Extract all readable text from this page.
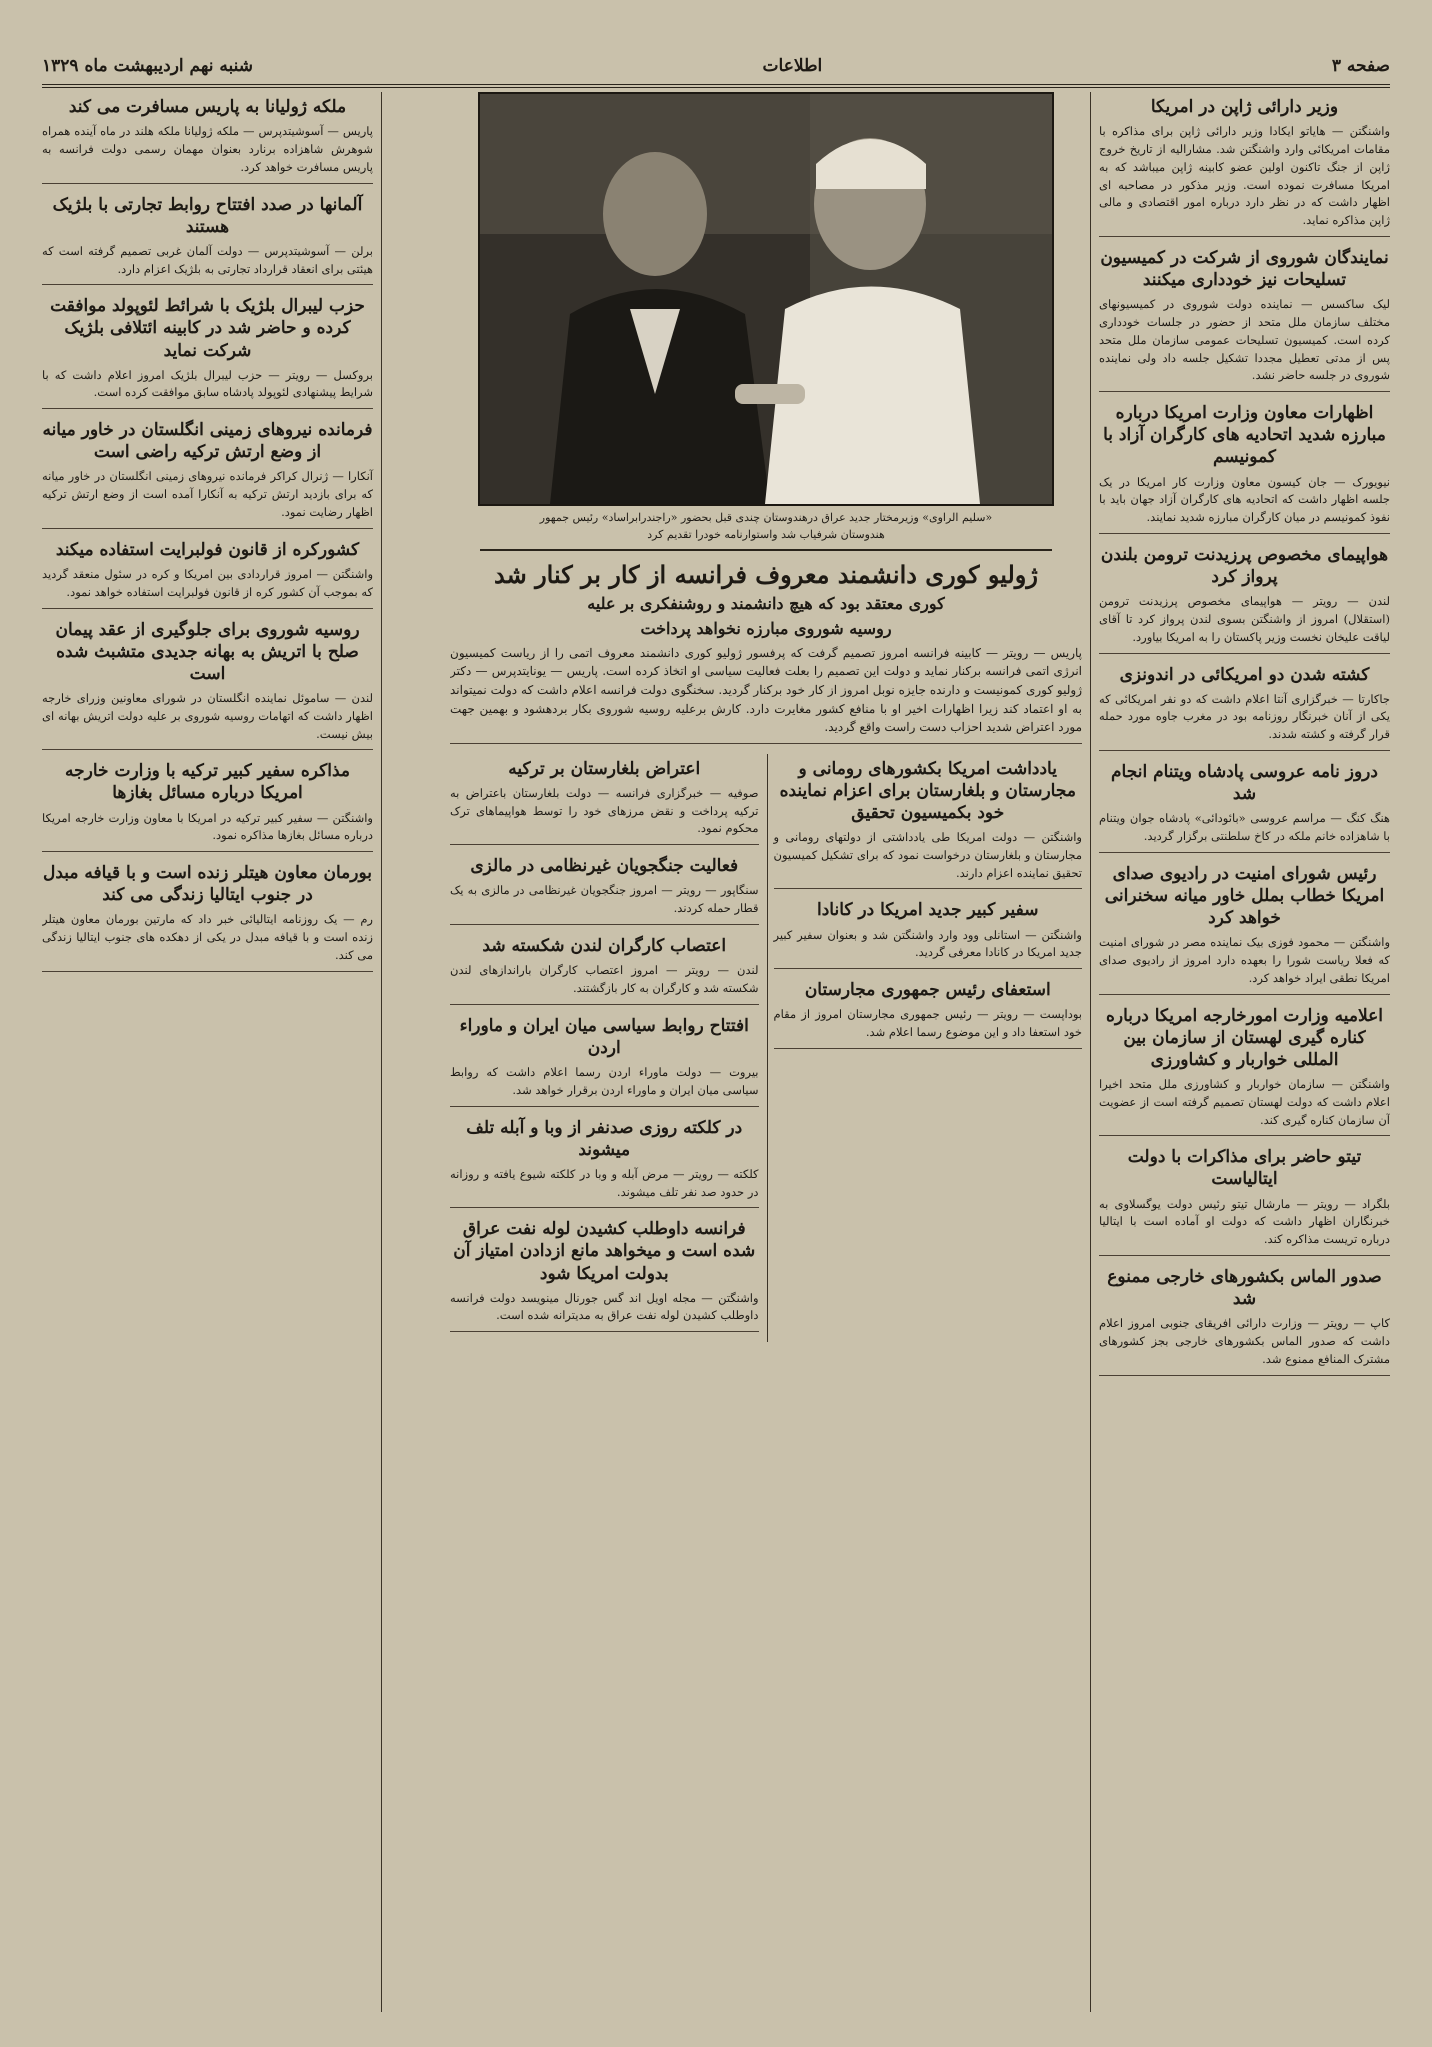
صفحه ۳
اطلاعات
شنبه نهم اردیبهشت ماه ۱۳۲۹
وزیر دارائی ژاپن در امریکا

واشنگتن — هایاتو ایکادا وزیر دارائی ژاپن برای مذاکره با مقامات امریکائی وارد واشنگتن شد. مشارالیه از تاریخ خروج ژاپن از جنگ تاکنون اولین عضو کابینه ژاپن میباشد که به امریکا مسافرت نموده است. وزیر مذکور در مصاحبه ای اظهار داشت که در نظر دارد درباره امور اقتصادی و مالی ژاپن مذاکره نماید.

نمایندگان شوروی از شرکت در کمیسیون تسلیحات نیز خودداری میکنند

لیک ساکسس — نماینده دولت شوروی در کمیسیونهای مختلف سازمان ملل متحد از حضور در جلسات خودداری کرده است. کمیسیون تسلیحات عمومی سازمان ملل متحد پس از مدتی تعطیل مجددا تشکیل جلسه داد ولی نماینده شوروی در جلسه حاضر نشد.

اظهارات معاون وزارت امریکا درباره مبارزه شدید اتحادیه های کارگران آزاد با کمونیسم

نیویورک — جان کیسون معاون وزارت کار امریکا در یک جلسه اظهار داشت که اتحادیه های کارگران آزاد جهان باید با نفوذ کمونیسم در میان کارگران مبارزه شدید نمایند.

هواپیمای مخصوص پرزیدنت ترومن بلندن پرواز کرد

لندن — رویتر — هواپیمای مخصوص پرزیدنت ترومن (استقلال) امروز از واشنگتن بسوی لندن پرواز کرد تا آقای لیاقت علیخان نخست وزیر پاکستان را به امریکا بیاورد.

کشته شدن دو امریکائی در اندونزی

جاکارتا — خبرگزاری آنتا اعلام داشت که دو نفر امریکائی که یکی از آنان خبرنگار روزنامه بود در مغرب جاوه مورد حمله قرار گرفته و کشته شدند.

دروز نامه عروسی پادشاه ویتنام انجام شد

هنگ کنگ — مراسم عروسی «بائودائی» پادشاه جوان ویتنام با شاهزاده خانم ملکه در کاخ سلطنتی برگزار گردید.

رئیس شورای امنیت در رادیوی صدای امریکا خطاب بملل خاور میانه سخنرانی خواهد کرد

واشنگتن — محمود فوزی بیک نماینده مصر در شورای امنیت که فعلا ریاست شورا را بعهده دارد امروز از رادیوی صدای امریکا نطقی ایراد خواهد کرد.

اعلامیه وزارت امورخارجه امریکا درباره کناره گیری لهستان از سازمان بین المللی خواربار و کشاورزی

واشنگتن — سازمان خواربار و کشاورزی ملل متحد اخیرا اعلام داشت که دولت لهستان تصمیم گرفته است از عضویت آن سازمان کناره گیری کند.

تیتو حاضر برای مذاکرات با دولت ایتالیاست

بلگراد — رویتر — مارشال تیتو رئیس دولت یوگسلاوی به خبرنگاران اظهار داشت که دولت او آماده است با ایتالیا درباره تریست مذاکره کند.

صدور الماس بکشورهای خارجی ممنوع شد

کاپ — رویتر — وزارت دارائی افریقای جنوبی امروز اعلام داشت که صدور الماس بکشورهای خارجی بجز کشورهای مشترک المنافع ممنوع شد.

«سلیم الراوی» وزیرمختار جدید عراق درهندوستان چندی قبل بحضور «راجندرابراساد» رئیس جمهور
هندوستان شرفیاب شد واستوارنامه خودرا تقدیم کرد
ژولیو کوری دانشمند معروف فرانسه از کار بر کنار شد
کوری معتقد بود که هیچ دانشمند و روشنفکری بر علیه
روسیه شوروی مبارزه نخواهد پرداخت

پاریس — رویتر — کابینه فرانسه امروز تصمیم گرفت که پرفسور ژولیو کوری دانشمند معروف اتمی را از ریاست کمیسیون انرژی اتمی فرانسه برکنار نماید و دولت این تصمیم را بعلت فعالیت سیاسی او اتخاذ کرده است. پاریس — یونایتدپرس — دکتر ژولیو کوری کمونیست و دارنده جایزه نوبل امروز از کار خود برکنار گردید. سخنگوی دولت فرانسه اعلام داشت که دولت نمیتواند به او اعتماد کند زیرا اظهارات اخیر او با منافع کشور مغایرت دارد. کارش برعلیه روسیه شوروی بکار بردهشود و بهمین جهت مورد اعتراض شدید احزاب دست راست واقع گردید.

یادداشت امریکا بکشورهای رومانی و مجارستان و بلغارستان برای اعزام نماینده خود بکمیسیون تحقیق

واشنگتن — دولت امریکا طی یادداشتی از دولتهای رومانی و مجارستان و بلغارستان درخواست نمود که برای تشکیل کمیسیون تحقیق نماینده اعزام دارند.

سفیر کبیر جدید امریکا در کانادا

واشنگتن — استانلی وود وارد واشنگتن شد و بعنوان سفیر کبیر جدید امریکا در کانادا معرفی گردید.

استعفای رئیس جمهوری مجارستان

بوداپست — رویتر — رئیس جمهوری مجارستان امروز از مقام خود استعفا داد و این موضوع رسما اعلام شد.

اعتراض بلغارستان بر ترکیه

صوفیه — خبرگزاری فرانسه — دولت بلغارستان باعتراض به ترکیه پرداخت و نقض مرزهای خود را توسط هواپیماهای ترک محکوم نمود.

فعالیت جنگجویان غیرنظامی در مالزی

سنگاپور — رویتر — امروز جنگجویان غیرنظامی در مالزی به یک قطار حمله کردند.

اعتصاب کارگران لندن شکسته شد

لندن — رویتر — امروز اعتصاب کارگران باراندازهای لندن شکسته شد و کارگران به کار بازگشتند.

افتتاح روابط سیاسی میان ایران و ماوراء اردن

بیروت — دولت ماوراء اردن رسما اعلام داشت که روابط سیاسی میان ایران و ماوراء اردن برقرار خواهد شد.

در کلکته روزی صدنفر از وبا و آبله تلف میشوند

کلکته — رویتر — مرض آبله و وبا در کلکته شیوع یافته و روزانه در حدود صد نفر تلف میشوند.

فرانسه داوطلب کشیدن لوله نفت عراق شده است و میخواهد مانع ازدادن امتیاز آن بدولت امریکا شود

واشنگتن — مجله اویل اند گس جورنال مینویسد دولت فرانسه داوطلب کشیدن لوله نفت عراق به مدیترانه شده است.

ملکه ژولیانا به پاریس مسافرت می کند

پاریس — آسوشیتدپرس — ملکه ژولیانا ملکه هلند در ماه آینده همراه شوهرش شاهزاده برنارد بعنوان مهمان رسمی دولت فرانسه به پاریس مسافرت خواهد کرد.

آلمانها در صدد افتتاح روابط تجارتی با بلژیک هستند

برلن — آسوشیتدپرس — دولت آلمان غربی تصمیم گرفته است که هیئتی برای انعقاد قرارداد تجارتی به بلژیک اعزام دارد.

حزب لیبرال بلژیک با شرائط لئوپولد موافقت کرده و حاضر شد در کابینه ائتلافی بلژیک شرکت نماید

بروکسل — رویتر — حزب لیبرال بلژیک امروز اعلام داشت که با شرایط پیشنهادی لئوپولد پادشاه سابق موافقت کرده است.

فرمانده نیروهای زمینی انگلستان در خاور میانه از وضع ارتش ترکیه راضی است

آنکارا — ژنرال کراکر فرمانده نیروهای زمینی انگلستان در خاور میانه که برای بازدید ارتش ترکیه به آنکارا آمده است از وضع ارتش ترکیه اظهار رضایت نمود.

کشورکره از قانون فولبرایت استفاده میکند

واشنگتن — امروز قراردادی بین امریکا و کره در سئول منعقد گردید که بموجب آن کشور کره از قانون فولبرایت استفاده خواهد نمود.

روسیه شوروی برای جلوگیری از عقد پیمان صلح با اتریش به بهانه جدیدی متشبث شده است

لندن — ساموئل نماینده انگلستان در شورای معاونین وزرای خارجه اظهار داشت که اتهامات روسیه شوروی بر علیه دولت اتریش بهانه ای بیش نیست.

مذاکره سفیر کبیر ترکیه با وزارت خارجه امریکا درباره مسائل بغازها

واشنگتن — سفیر کبیر ترکیه در امریکا با معاون وزارت خارجه امریکا درباره مسائل بغازها مذاکره نمود.

بورمان معاون هیتلر زنده است و با قیافه مبدل در جنوب ایتالیا زندگی می کند

رم — یک روزنامه ایتالیائی خبر داد که مارتین بورمان معاون هیتلر زنده است و با قیافه مبدل در یکی از دهکده های جنوب ایتالیا زندگی می کند.
